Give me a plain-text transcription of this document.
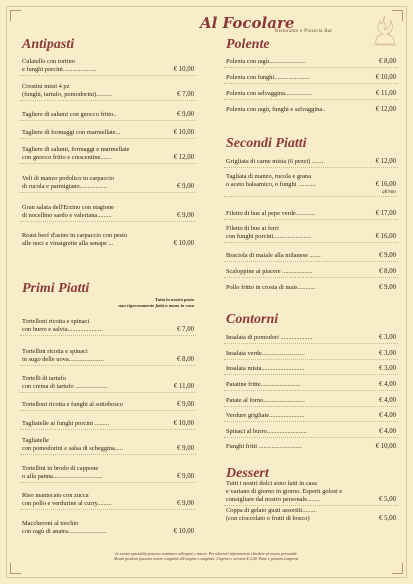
Al Focolare
Ristorante e Pizzeria Bar
Antipasti
Culatello con tortino
e funghi porcini.....................	€ 10,00
Crostini misti 4 pz
(funghi, tartufo, pomodorini)..........	€ 7,00
Tagliere di salumi con gnocco fritto..	€ 9,00
Tagliere di formaggi con marmellate...	€ 10,00
Tagliere di salumi, formaggi e marmellate
con gnocco fritto e crescentine.......	€ 12,00
Veli di manzo podolico in carpaccio
di rucola e parmigiano.................	€ 9,00
Gran salata dell'Erzino con stagione
di nocellino sardo e valeriana.........	€ 9,00
Roast beef d'asino in carpaccio con pesto
alle noci e vinaigrette alla senape ...	€ 10,00
Primi Piatti
Tutta la nostra pasta
non rigorosamente fatta a mano in casa
Tortelloni ricotta e spinaci
con burro e salvia......................	€ 7,00
Tortellini ricotta e spinaci
in sugo delle uova......................	€ 8,00
Tortelli di tartufo
con crema di tartufo ....................	€ 11,00
Tortelloni ricotta e funghi al sottobosco	€ 9,00
Tagliatelle ai funghi porcini .........	€ 10,00
Tagliatelle
con pomodorini e salsa di scheggina.....	€ 9,00
Tortellini in brodo di cappone
o alla panna...............................	€ 9,00
Riso mantecato con zucca
con pollo e verdurine al curry.........	€ 9,00
Maccheroni al torchio
con ragù di anatra........................	€ 10,00
Polente
Polenta con ragù.......................	€ 8,00
Polenta con funghi......................	€ 10,00
Polenta con selvaggina.................	€ 11,00
Polenta con ragù, funghi e selvaggina..	€ 12,00
Secondi Piatti
Grigliata di carne mista (6 pezzi) ........	€ 12,00
Tagliata di manzo, rucola e grana
o aceto balsamico, o funghi ...........	€ 16,00
all'etto
Filetto di bue al pepe verde............	€ 17,00
Filetto di bue ai ferri
con funghi porcini........................	€ 16,00
Braciola di maiale alla milanese .......	€ 9,00
Scaloppine ai piacere ...................	€ 8,00
Pollo fritto in crosta di mais...........	€ 9,00
Contorni
Insalata di pomodori ....................	€ 3,00
Insalata verde...........................	€ 3,00
Insalata mista...........................	€ 3,00
Patatine fritte.........................	€ 4,00
Patate al forno..........................	€ 4,00
Verdure grigliate......................	€ 4,00
Spinaci al burro.........................	€ 4,00
Funghi fritti ...........................	€ 10,00
Dessert
Tutti i nostri dolci sono fatti in casa
e variano di giorno in giorno. Esperti golosi e
consigliare dal nostro personale........	€ 5,00
Coppa di gelato gusti assortiti.........
(con cioccolato o frutti di bosco)	€ 5,00
Le nostre specialità possono contenere allergeni o tracce. Per ulteriori informazioni chiedere al nostro personale.
Alcuni prodotti possono essere congelati all'origine o surgelati. Coperto e servizio € 2,00. Pane e grissini compresi.
